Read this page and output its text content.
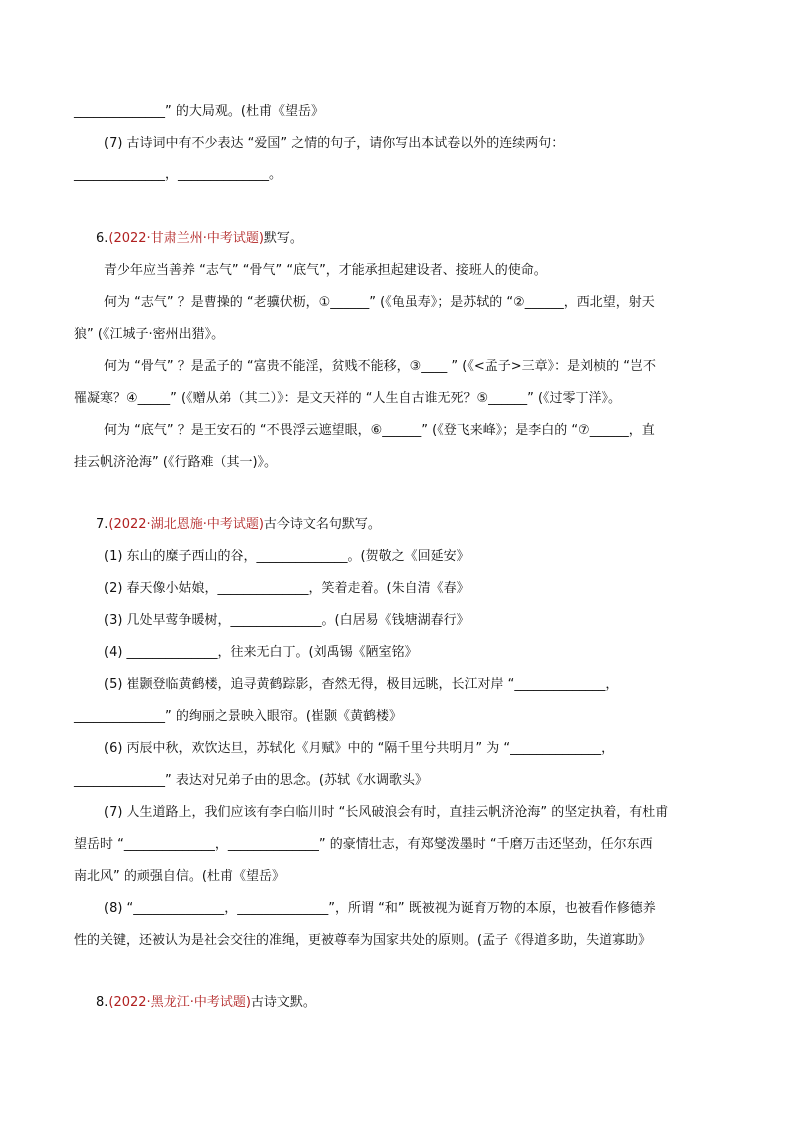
______________” 的大局观。(杜甫《望岳》
(7) 古诗词中有不少表达 “爱国” 之情的句子，请你写出本试卷以外的连续两句：
______________，______________。
6.(2022·甘肃兰州·中考试题)默写。
青少年应当善养 “志气” “骨气” “底气”，才能承担起建设者、接班人的使命。
何为 “志气” ？是曹操的 “老骥伏枥，①______” (《龟虽寿》；是苏轼的 “②______，西北望，射天
狼” (《江城子·密州出猎》。
何为 “骨气” ？是孟子的 “富贵不能淫，贫贱不能移，③____ ” (《<孟子>三章》：是刘桢的 “岂不
罹凝寒？④_____” (《赠从弟（其二）》：是文天祥的 “人生自古谁无死？⑤______” (《过零丁洋》。
何为 “底气” ？是王安石的 “不畏浮云遮望眼，⑥______” (《登飞来峰》；是李白的 “⑦______，直
挂云帆济沧海” (《行路难（其一)》。
7.(2022·湖北恩施·中考试题)古今诗文名句默写。
(1) 东山的糜子西山的谷，______________。(贺敬之《回延安》
(2) 春天像小姑娘，______________，笑着走着。(朱自清《春》
(3) 几处早莺争暖树，______________。(白居易《钱塘湖春行》
(4) ______________，往来无白丁。(刘禹锡《陋室铭》
(5) 崔颢登临黄鹤楼，追寻黄鹤踪影，杳然无得，极目远眺，长江对岸 “______________，
______________” 的绚丽之景映入眼帘。(崔颢《黄鹤楼》
(6) 丙辰中秋，欢饮达旦，苏轼化《月赋》中的 “隔千里兮共明月” 为 “______________，
______________” 表达对兄弟子由的思念。(苏轼《水调歌头》
(7) 人生道路上，我们应该有李白临川时 “长风破浪会有时，直挂云帆济沧海” 的坚定执着，有杜甫
望岳时 “______________，______________” 的豪情壮志，有郑燮泼墨时 “千磨万击还坚劲，任尔东西
南北风” 的顽强自信。(杜甫《望岳》
(8) “______________，______________”，所谓 “和” 既被视为诞育万物的本原，也被看作修德养
性的关键，还被认为是社会交往的准绳，更被尊奉为国家共处的原则。(孟子《得道多助，失道寡助》
8.(2022·黑龙江·中考试题)古诗文默。
